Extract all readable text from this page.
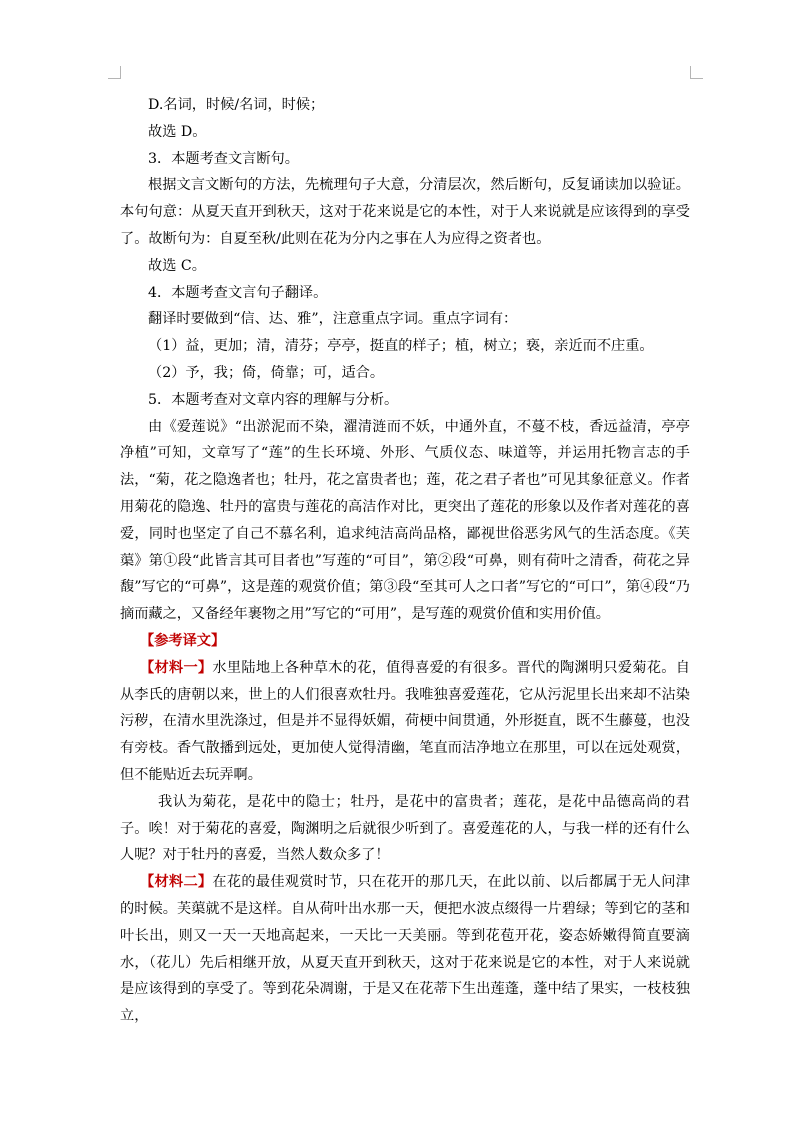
D.名词，时候/名词，时候；

故选 D。

3．本题考查文言断句。

根据文言文断句的方法，先梳理句子大意，分清层次，然后断句，反复诵读加以验证。本句句意：从夏天直开到秋天，这对于花来说是它的本性，对于人来说就是应该得到的享受了。故断句为：自夏至秋/此则在花为分内之事在人为应得之资者也。

故选 C。

4．本题考查文言句子翻译。

翻译时要做到“信、达、雅”，注意重点字词。重点字词有：

（1）益，更加；清，清芬；亭亭，挺直的样子；植，树立；亵，亲近而不庄重。

（2）予，我；倚，倚靠；可，适合。

5．本题考查对文章内容的理解与分析。

由《爱莲说》“出淤泥而不染，濯清涟而不妖，中通外直，不蔓不枝，香远益清，亭亭净植”可知，文章写了“莲”的生长环境、外形、气质仪态、味道等，并运用托物言志的手法，“菊，花之隐逸者也；牡丹，花之富贵者也；莲，花之君子者也”可见其象征意义。作者用菊花的隐逸、牡丹的富贵与莲花的高洁作对比，更突出了莲花的形象以及作者对莲花的喜爱，同时也坚定了自己不慕名利，追求纯洁高尚品格，鄙视世俗恶劣风气的生活态度。《芙蕖》第①段“此皆言其可目者也”写莲的“可目”，第②段“可鼻，则有荷叶之清香，荷花之异馥”写它的“可鼻”，这是莲的观赏价值；第③段“至其可人之口者”写它的“可口”，第④段“乃摘而藏之，又备经年裹物之用”写它的“可用”，是写莲的观赏价值和实用价值。

【参考译文】

【材料一】水里陆地上各种草木的花，值得喜爱的有很多。晋代的陶渊明只爱菊花。自从李氏的唐朝以来，世上的人们很喜欢牡丹。我唯独喜爱莲花，它从污泥里长出来却不沾染污秽，在清水里洗涤过，但是并不显得妖媚，荷梗中间贯通，外形挺直，既不生藤蔓，也没有旁枝。香气散播到远处，更加使人觉得清幽，笔直而洁净地立在那里，可以在远处观赏，但不能贴近去玩弄啊。

我认为菊花，是花中的隐士；牡丹，是花中的富贵者；莲花，是花中品德高尚的君子。唉！对于菊花的喜爱，陶渊明之后就很少听到了。喜爱莲花的人，与我一样的还有什么人呢？对于牡丹的喜爱，当然人数众多了！

【材料二】在花的最佳观赏时节，只在花开的那几天，在此以前、以后都属于无人问津的时候。芙蕖就不是这样。自从荷叶出水那一天，便把水波点缀得一片碧绿；等到它的茎和叶长出，则又一天一天地高起来，一天比一天美丽。等到花苞开花，姿态娇嫩得简直要滴水，（花儿）先后相继开放，从夏天直开到秋天，这对于花来说是它的本性，对于人来说就是应该得到的享受了。等到花朵凋谢，于是又在花蒂下生出莲蓬，蓬中结了果实，一枝枝独立，
